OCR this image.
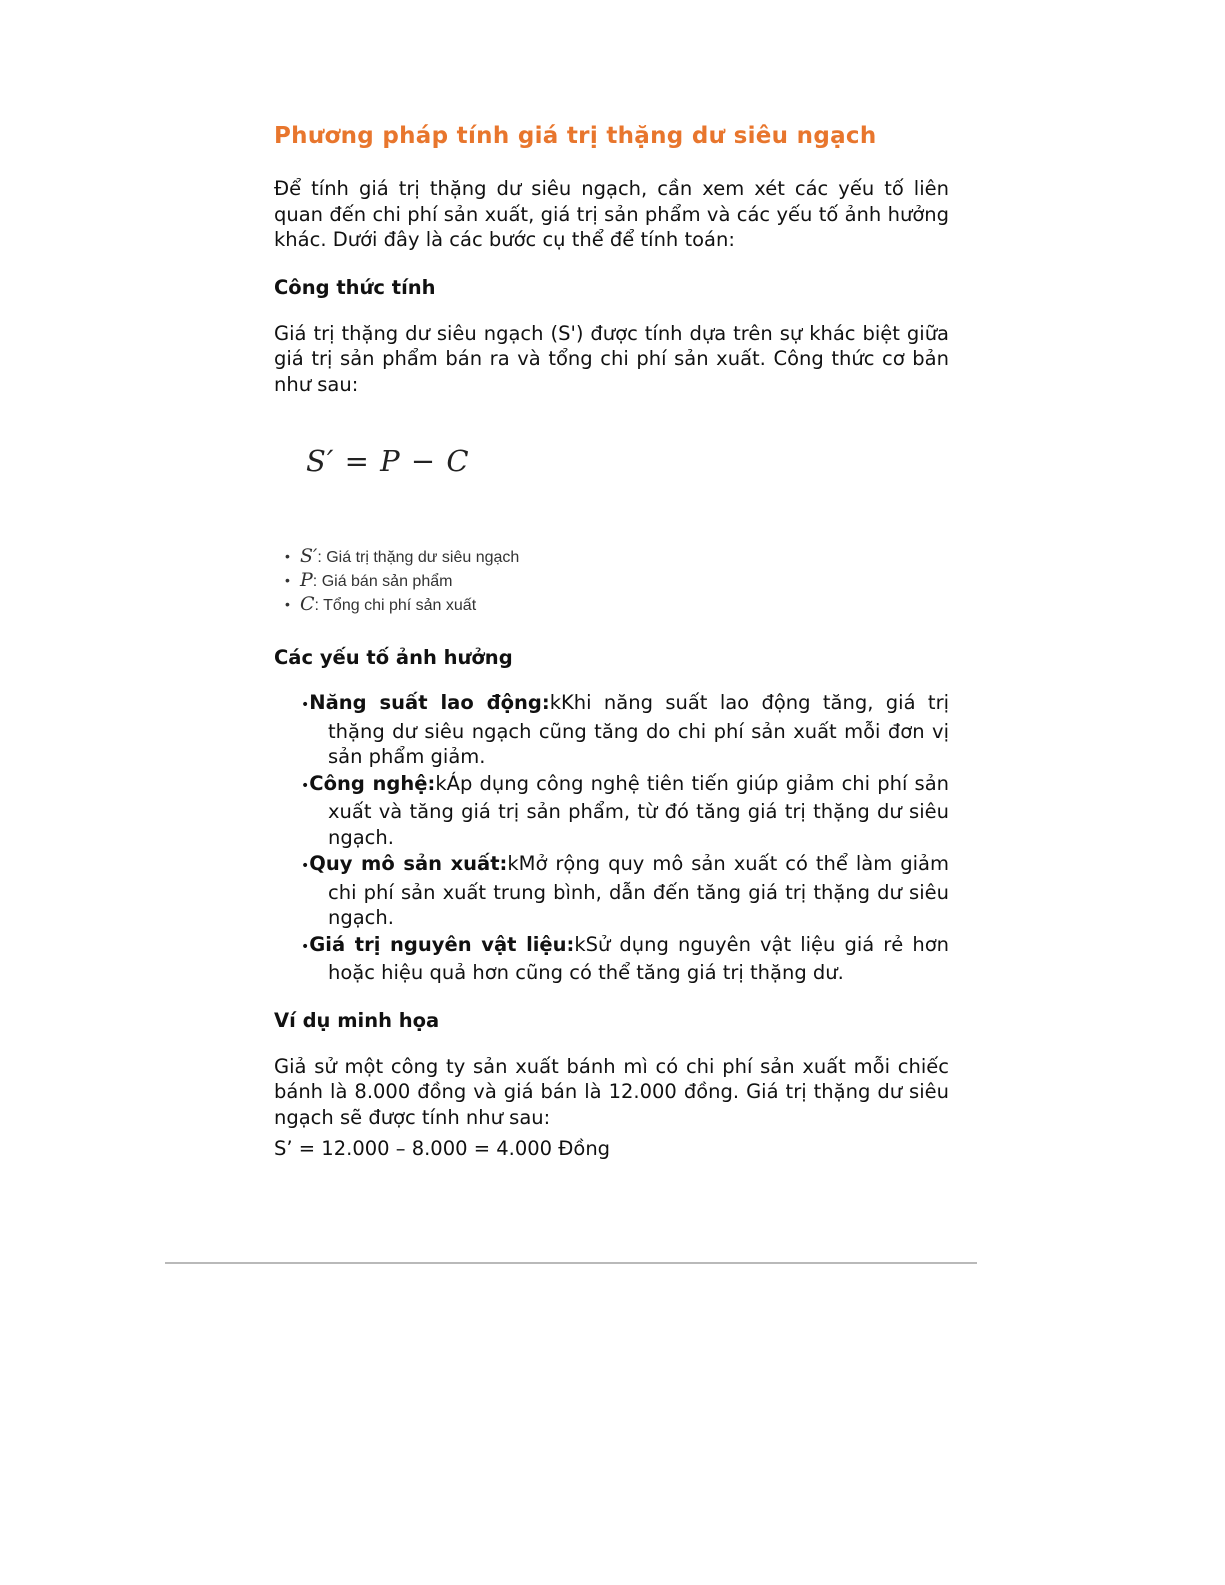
Phương pháp tính giá trị thặng dư siêu ngạch

Để tính giá trị thặng dư siêu ngạch, cần xem xét các yếu tố liên quan đến chi phí sản xuất, giá trị sản phẩm và các yếu tố ảnh hưởng khác. Dưới đây là các bước cụ thể để tính toán:

Công thức tính

Giá trị thặng dư siêu ngạch (S') được tính dựa trên sự khác biệt giữa giá trị sản phẩm bán ra và tổng chi phí sản xuất. Công thức cơ bản như sau:

S′ = P − C
• S′: Giá trị thặng dư siêu ngạch
• P: Giá bán sản phẩm
• C: Tổng chi phí sản xuất
Các yếu tố ảnh hưởng
•Năng suất lao động:kKhi năng suất lao động tăng, giá trị thặng dư siêu ngạch cũng tăng do chi phí sản xuất mỗi đơn vị sản phẩm giảm.
•Công nghệ:kÁp dụng công nghệ tiên tiến giúp giảm chi phí sản xuất và tăng giá trị sản phẩm, từ đó tăng giá trị thặng dư siêu ngạch.
•Quy mô sản xuất:kMở rộng quy mô sản xuất có thể làm giảm chi phí sản xuất trung bình, dẫn đến tăng giá trị thặng dư siêu ngạch.
•Giá trị nguyên vật liệu:kSử dụng nguyên vật liệu giá rẻ hơn hoặc hiệu quả hơn cũng có thể tăng giá trị thặng dư.
Ví dụ minh họa

Giả sử một công ty sản xuất bánh mì có chi phí sản xuất mỗi chiếc bánh là 8.000 đồng và giá bán là 12.000 đồng. Giá trị thặng dư siêu ngạch sẽ được tính như sau:

S’ = 12.000 – 8.000 = 4.000 Đồng
